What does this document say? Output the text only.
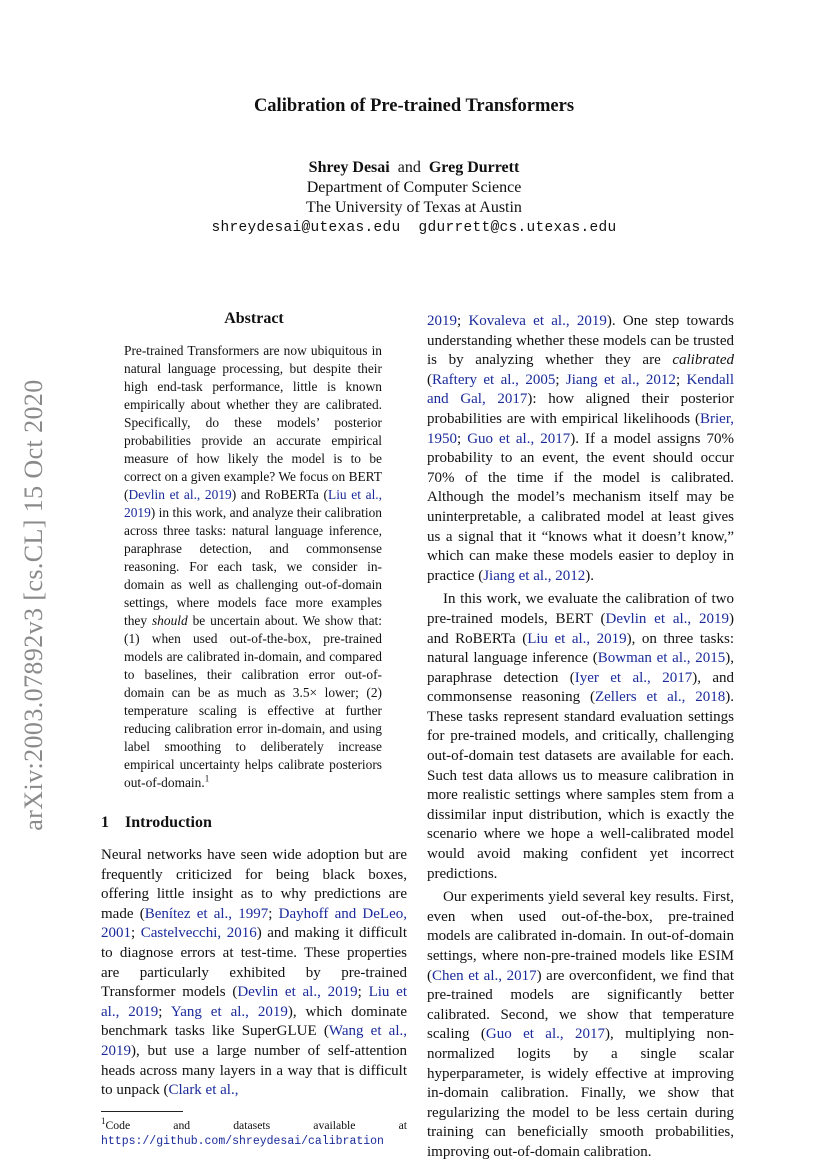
arXiv:2003.07892v3 [cs.CL] 15 Oct 2020
Calibration of Pre-trained Transformers
Shrey Desai and Greg Durrett
Department of Computer Science
The University of Texas at Austin
shreydesai@utexas.edu  gdurrett@cs.utexas.edu
Abstract
Pre-trained Transformers are now ubiquitous in natural language processing, but despite their high end-task performance, little is known empirically about whether they are calibrated. Specifically, do these models’ posterior probabilities provide an accurate empirical measure of how likely the model is to be correct on a given example? We focus on BERT (Devlin et al., 2019) and RoBERTa (Liu et al., 2019) in this work, and analyze their calibration across three tasks: natural language inference, paraphrase detection, and commonsense reasoning. For each task, we consider in-domain as well as challenging out-of-domain settings, where models face more examples they should be uncertain about. We show that: (1) when used out-of-the-box, pre-trained models are calibrated in-domain, and compared to baselines, their calibration error out-of-domain can be as much as 3.5× lower; (2) temperature scaling is effective at further reducing calibration error in-domain, and using label smoothing to deliberately increase empirical uncertainty helps calibrate posteriors out-of-domain.$^1$
1 Introduction

Neural networks have seen wide adoption but are frequently criticized for being black boxes, offering little insight as to why predictions are made (Benítez et al., 1997; Dayhoff and DeLeo, 2001; Castelvecchi, 2016) and making it difficult to diagnose errors at test-time. These properties are particularly exhibited by pre-trained Transformer models (Devlin et al., 2019; Liu et al., 2019; Yang et al., 2019), which dominate benchmark tasks like SuperGLUE (Wang et al., 2019), but use a large number of self-attention heads across many layers in a way that is difficult to unpack (Clark et al.,

$^1$Code and datasets available at https://github.com/shreydesai/calibration

2019; Kovaleva et al., 2019). One step towards understanding whether these models can be trusted is by analyzing whether they are calibrated (Raftery et al., 2005; Jiang et al., 2012; Kendall and Gal, 2017): how aligned their posterior probabilities are with empirical likelihoods (Brier, 1950; Guo et al., 2017). If a model assigns 70% probability to an event, the event should occur 70% of the time if the model is calibrated. Although the model’s mechanism itself may be uninterpretable, a calibrated model at least gives us a signal that it “knows what it doesn’t know,” which can make these models easier to deploy in practice (Jiang et al., 2012).

In this work, we evaluate the calibration of two pre-trained models, BERT (Devlin et al., 2019) and RoBERTa (Liu et al., 2019), on three tasks: natural language inference (Bowman et al., 2015), paraphrase detection (Iyer et al., 2017), and commonsense reasoning (Zellers et al., 2018). These tasks represent standard evaluation settings for pre-trained models, and critically, challenging out-of-domain test datasets are available for each. Such test data allows us to measure calibration in more realistic settings where samples stem from a dissimilar input distribution, which is exactly the scenario where we hope a well-calibrated model would avoid making confident yet incorrect predictions.

Our experiments yield several key results. First, even when used out-of-the-box, pre-trained models are calibrated in-domain. In out-of-domain settings, where non-pre-trained models like ESIM (Chen et al., 2017) are overconfident, we find that pre-trained models are significantly better calibrated. Second, we show that temperature scaling (Guo et al., 2017), multiplying non-normalized logits by a single scalar hyperparameter, is widely effective at improving in-domain calibration. Finally, we show that regularizing the model to be less certain during training can beneficially smooth probabilities, improving out-of-domain calibration.
